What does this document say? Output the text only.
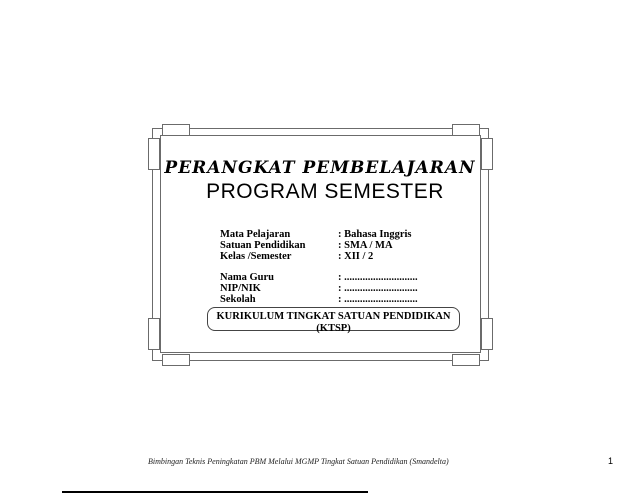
PERANGKAT PEMBELAJARAN
PROGRAM SEMESTER
Mata Pelajaran	: Bahasa Inggris
Satuan Pendidikan	: SMA / MA
Kelas /Semester	: XII / 2

Nama Guru	: ............................
NIP/NIK	: ............................
Sekolah	: ............................
KURIKULUM TINGKAT SATUAN PENDIDIKAN
(KTSP)
Bimbingan Teknis Peningkatan PBM Melalui MGMP Tingkat Satuan Pendidikan (Smandelta)	1
